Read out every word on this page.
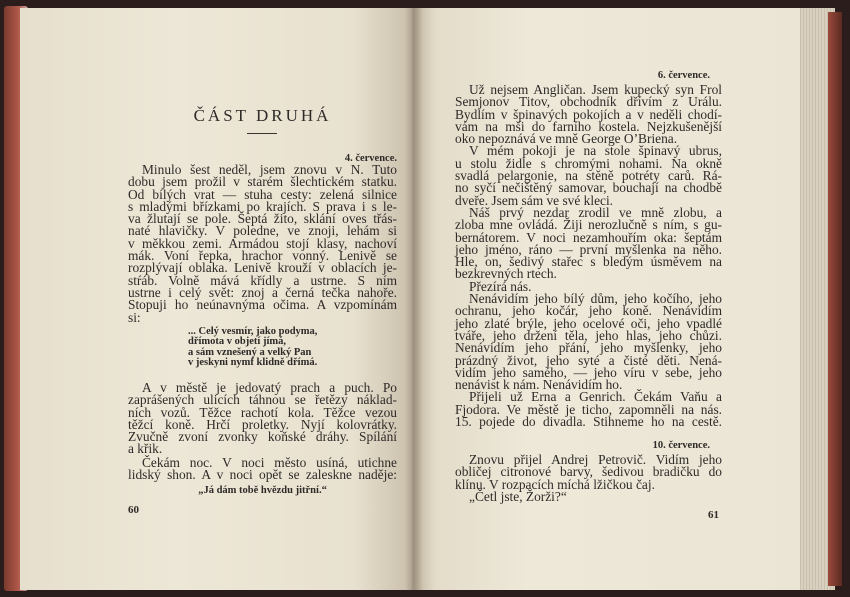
ČÁST DRUHÁ
4. července.
Minulo šest neděl, jsem znovu v N. Tuto
dobu jsem prožil v starém šlechtickém statku.
Od bílých vrat — stuha cesty: zelená silnice
s mladými břízkami po krajích. S prava i s le-
va žlutají se pole. Šeptá žito, sklání oves třás-
naté hlavičky. V poledne, ve znoji, lehám si
v měkkou zemi. Armádou stojí klasy, nachoví
mák. Voní řepka, hrachor vonný. Lenivě se
rozplývají oblaka. Lenivě krouží v oblacích je-
stŕáb. Volně mává křídly a ustrne. S ním
ustrne i celý svět: znoj a černá tečka nahoře.
Stopuji ho neúnavnýma očima. A vzpomínám
si:
... Celý vesmír, jako podyma,
dřímota v objetí jímá,
a sám vznešený a velký Pan
v jeskyni nymf klidně dřímá.
A v městě je jedovatý prach a puch. Po
zaprášených ulicích táhnou se řetězy náklad-
ních vozů. Těžce rachotí kola. Těžce vezou
těžcí koně. Hrčí proletky. Nyjí kolovrátky.
Zvučně zvoní zvonky koňské dráhy. Spílání
a křik.
Čekám noc. V noci město usíná, utichne
lidský shon. A v noci opět se zaleskne naděje:
„Já dám tobě hvězdu jitřní.“
60
6. července.
Už nejsem Angličan. Jsem kupecký syn Frol
Semjonov Titov, obchodník dřívím z Urálu.
Bydlím v špinavých pokojích a v neděli chodí-
vám na mši do farního kostela. Nejzkušenější
oko nepoznává ve mně George O’Briena.
V mém pokoji je na stole špinavý ubrus,
u stolu židle s chromými nohami. Na okně
svadlá pelargonie, na stěně potréty carů. Rá-
no syčí nečištěný samovar, bouchají na chodbě
dveře. Jsem sám ve své kleci.
Náš prvý nezdar zrodil ve mně zlobu, a
zloba mne ovládá. Žiji nerozlučně s ním, s gu-
bernátorem. V noci nezamhouřím oka: šeptám
jeho jméno, ráno — první myšlenka na něho.
Hle, on, šedivý stařec s bledým úsměvem na
bezkrevných rtech.
Přezírá nás.
Nenávidím jeho bílý dům, jeho kočího, jeho
ochranu, jeho kočár, jeho koně. Nenávidím
jeho zlaté brýle, jeho ocelové oči, jeho vpadlé
tváře, jeho držení těla, jeho hlas, jeho chůzi.
Nenávidím jeho přání, jeho myšlenky, jeho
prázdný život, jeho syté a čisté děti. Nená-
vidím jeho samého, — jeho víru v sebe, jeho
nenávist k nám. Nenávidím ho.
Přijeli už Erna a Genrich. Čekám Vaňu a
Fjodora. Ve městě je ticho, zapomněli na nás.
15. pojede do divadla. Stihneme ho na cestě.
10. července.
Znovu přijel Andrej Petrovič. Vidím jeho
obličej citronové barvy, šedivou bradičku do
klínu. V rozpacích míchá lžičkou čaj.
„Četl jste, Žorži?“
61
